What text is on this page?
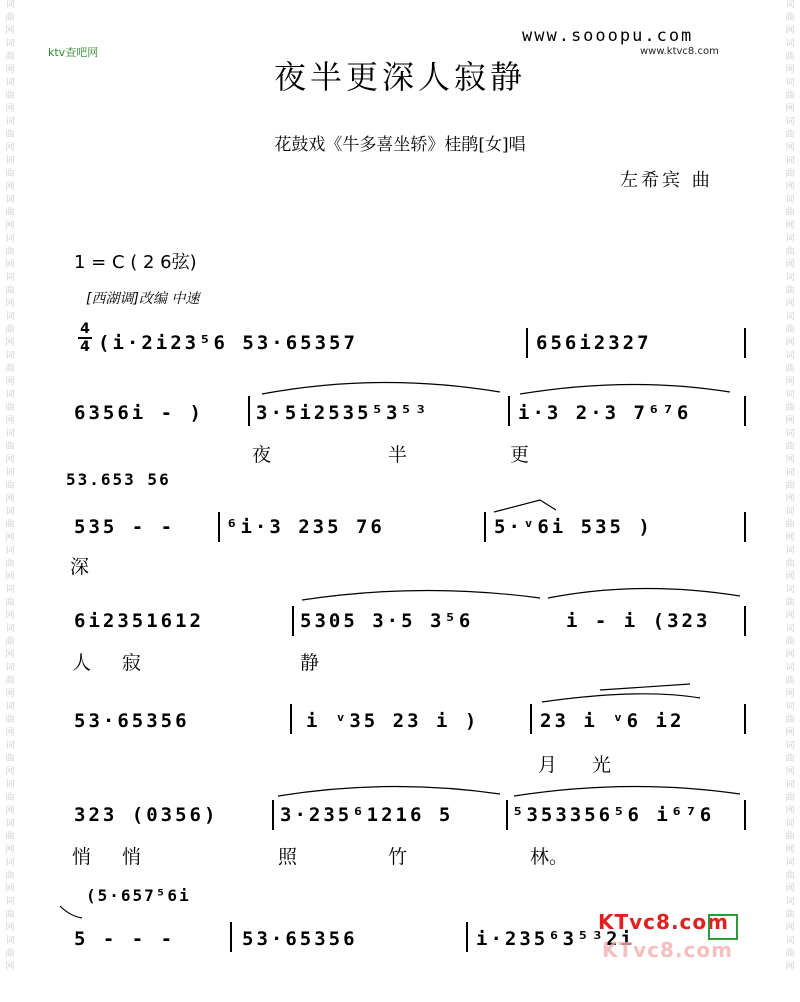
词
曲
网
词
曲
网
词
曲
网
词
曲
网
词
曲
网
词
曲
网
词
曲
网
词
曲
网
词
曲
网
词
曲
网
词
曲
网
词
曲
网
词
曲
网
词
曲
网
词
曲
网
词
曲
网
词
曲
网
词
曲
网
词
曲
网
词
曲
网
词
曲
网
词
曲
网
词
曲
网
词
曲
网
词
曲
网
词
曲
网
词
曲
网
词
曲
网
词
曲
网
词
曲
网
词
曲
网
词
曲
网
词
曲
网
词
曲
网
词
曲
网
词
曲
网
词
曲
网
词
曲
网
词
曲
网
词
曲
网
词
曲
网
词
曲
网
词
曲
网
词
曲
网
词
曲
网
词
曲
网
词
曲
网
词
曲
网
词
曲
网
词
曲
网
www.sooopu.com
www.ktvc8.com
ktv查吧网
夜半更深人寂静
花鼓戏《牛多喜坐轿》桂鹃[女]唱
左希宾 曲
1 = C ( 2 6弦)
[西湖调]改编 中速
4
4 (i·2i23⁵6 53·65357	656i2327
6356i - )	3·5i2535⁵3⁵³	i·3 2·3 7⁶⁷6
夜	半	更
53.653 56
535 - -	⁶i·3 235 76	5·ᵛ6i 535 )
深
6i2351612	5305 3·5 3⁵6	i - i (323
人 寂	静
53·65356	i ᵛ35 23 i )	23 i ᵛ6 i2
月 光
323 (0356)	3·235⁶1216 5	⁵353356⁵6 i⁶⁷6
悄 悄	照	竹	林。
(5·657⁵6i
5 - - -	53·65356	i·235⁶3⁵³2i
KTvc8.com
KTvc8.com
